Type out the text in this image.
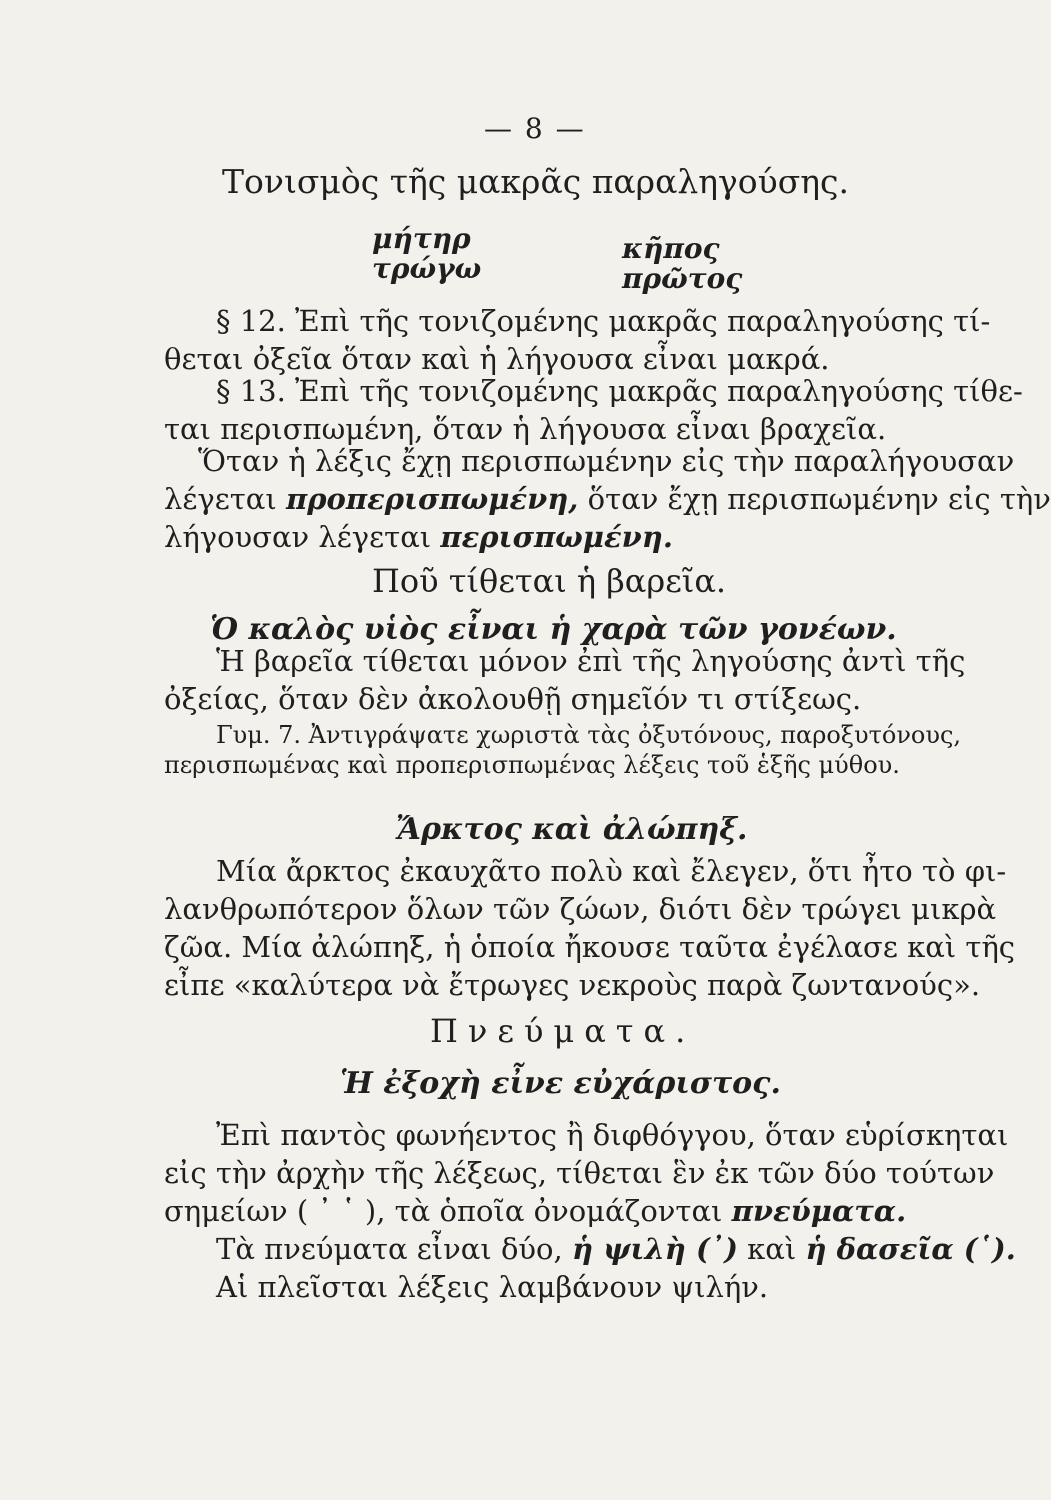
— 8 —
Τονισμὸς τῆς μακρᾶς παραληγούσης.
μήτηρ
τρώγω
κῆπος
πρῶτος
§ 12. Ἐπὶ τῆς τονιζομένης μακρᾶς παραληγούσης τί-
θεται ὀξεῖα ὅταν καὶ ἡ λήγουσα εἶναι μακρά.
§ 13. Ἐπὶ τῆς τονιζομένης μακρᾶς παραληγούσης τίθε-
ται περισπωμένη, ὅταν ἡ λήγουσα εἶναι βραχεῖα.
Ὅταν ἡ λέξις ἔχῃ περισπωμένην εἰς τὴν παραλήγουσαν
λέγεται προπερισπωμένη, ὅταν ἔχῃ περισπωμένην εἰς τὴν
λήγουσαν λέγεται περισπωμένη.
Ποῦ τίθεται ἡ βαρεῖα.
Ὁ καλὸς υἱὸς εἶναι ἡ χαρὰ τῶν γονέων.
Ἡ βαρεῖα τίθεται μόνον ἐπὶ τῆς ληγούσης ἀντὶ τῆς
ὀξείας, ὅταν δὲν ἀκολουθῇ σημεῖόν τι στίξεως.
Γυμ. 7. Ἀντιγράψατε χωριστὰ τὰς ὀξυτόνους, παροξυτόνους,
περισπωμένας καὶ προπερισπωμένας λέξεις τοῦ ἑξῆς μύθου.
Ἄρκτος καὶ ἀλώπηξ.
Μία ἄρκτος ἐκαυχᾶτο πολὺ καὶ ἔλεγεν, ὅτι ἦτο τὸ φι-
λανθρωπότερον ὅλων τῶν ζώων, διότι δὲν τρώγει μικρὰ
ζῶα. Μία ἀλώπηξ, ἡ ὁποία ἤκουσε ταῦτα ἐγέλασε καὶ τῆς
εἶπε «καλύτερα νὰ ἔτρωγες νεκροὺς παρὰ ζωντανούς».
Πνεύματα.
Ἡ ἐξοχὴ εἶνε εὐχάριστος.
Ἐπὶ παντὸς φωνήεντος ἢ διφθόγγου, ὅταν εὑρίσκηται
εἰς τὴν ἀρχὴν τῆς λέξεως, τίθεται ἓν ἐκ τῶν δύο τούτων
σημείων ( ᾿ ῾ ), τὰ ὁποῖα ὀνομάζονται πνεύματα.
Τὰ πνεύματα εἶναι δύο, ἡ ψιλὴ (᾿) καὶ ἡ δασεῖα (῾).
Αἱ πλεῖσται λέξεις λαμβάνουν ψιλήν.
